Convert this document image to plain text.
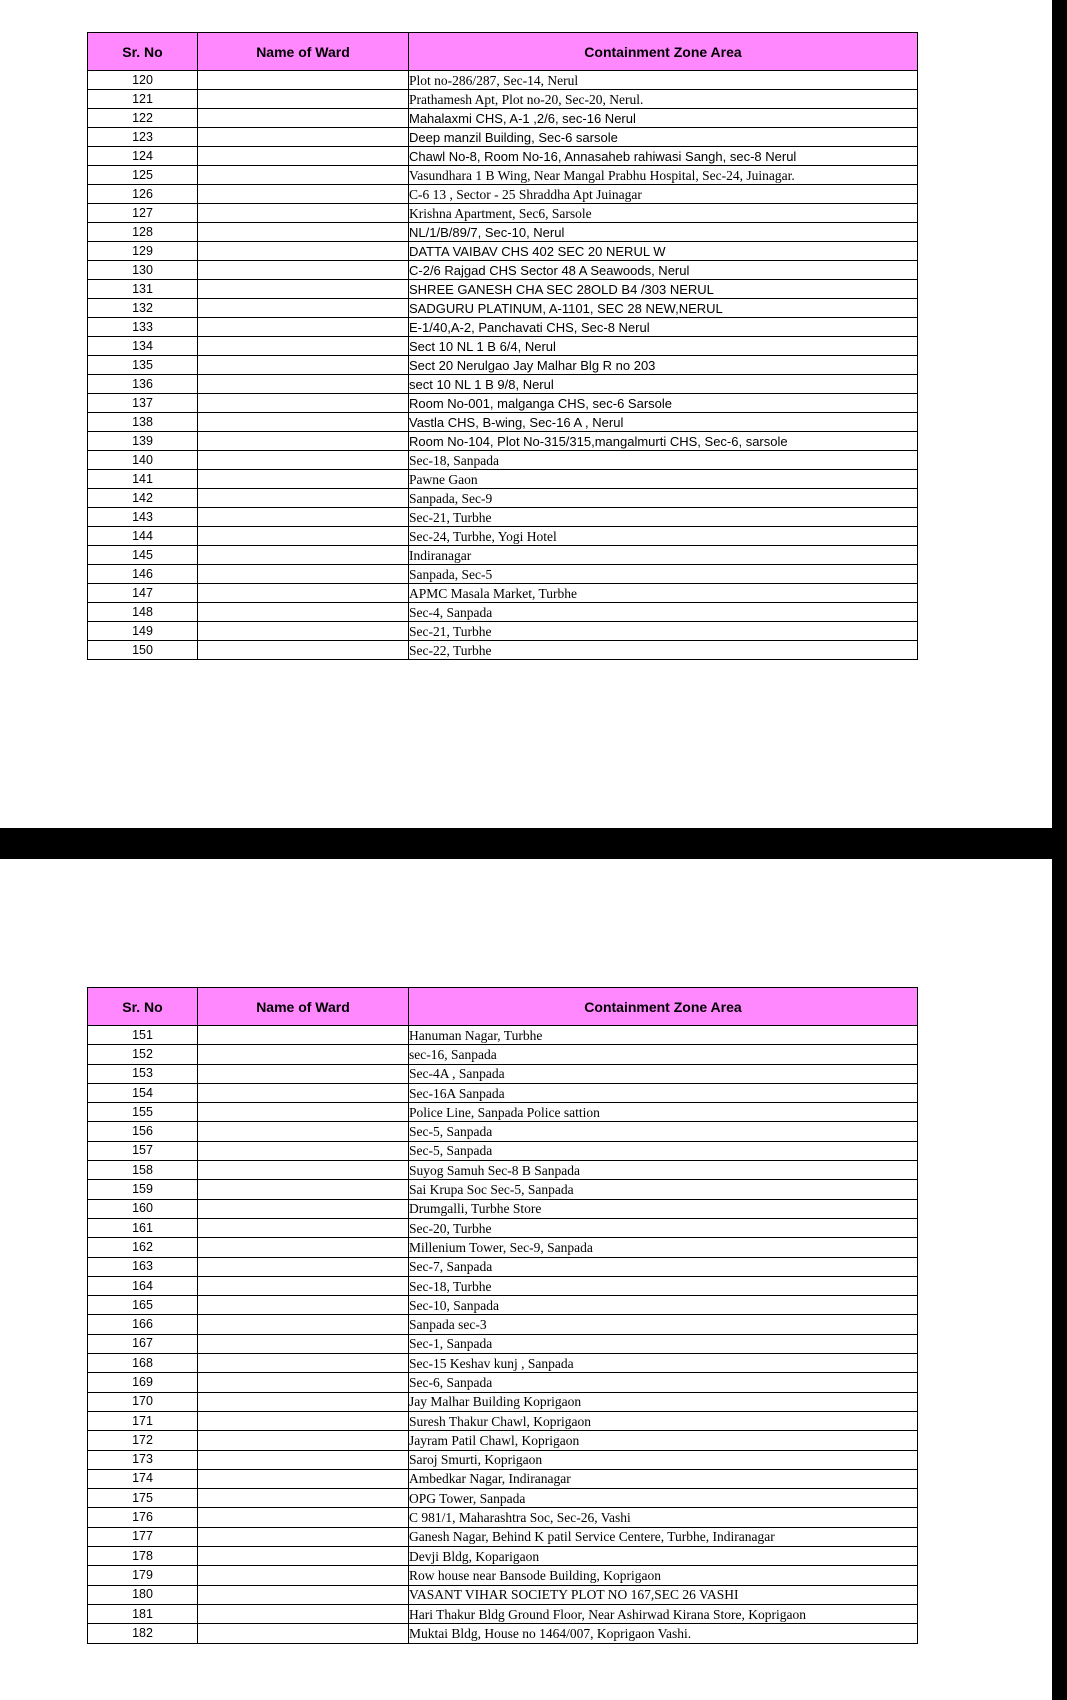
Sr. No	Name of Ward	Containment Zone Area
120		Plot no-286/287, Sec-14, Nerul
121		Prathamesh Apt, Plot no-20, Sec-20, Nerul.
122		Mahalaxmi CHS, A-1 ,2/6, sec-16 Nerul
123		Deep manzil Building, Sec-6 sarsole
124		Chawl No-8, Room No-16, Annasaheb rahiwasi Sangh, sec-8 Nerul
125		Vasundhara 1 B Wing, Near Mangal Prabhu Hospital, Sec-24, Juinagar.
126		C-6 13 , Sector - 25 Shraddha Apt Juinagar
127		Krishna Apartment, Sec6, Sarsole
128		NL/1/B/89/7, Sec-10, Nerul
129		DATTA VAIBAV CHS 402 SEC 20 NERUL W
130		C-2/6 Rajgad CHS Sector 48 A Seawoods, Nerul
131		SHREE GANESH CHA SEC 28OLD B4 /303 NERUL
132		SADGURU PLATINUM, A-1101, SEC 28 NEW,NERUL
133		E-1/40,A-2, Panchavati CHS, Sec-8 Nerul
134		Sect 10 NL 1 B 6/4, Nerul
135		Sect 20 Nerulgao Jay Malhar Blg R no 203
136		sect 10 NL 1 B 9/8, Nerul
137		Room No-001, malganga CHS, sec-6 Sarsole
138		Vastla CHS, B-wing, Sec-16 A , Nerul
139		Room No-104, Plot No-315/315,mangalmurti CHS, Sec-6, sarsole
140		Sec-18, Sanpada
141		Pawne Gaon
142		Sanpada, Sec-9
143		Sec-21, Turbhe
144		Sec-24, Turbhe, Yogi Hotel
145		Indiranagar
146		Sanpada, Sec-5
147		APMC Masala Market, Turbhe
148		Sec-4, Sanpada
149		Sec-21, Turbhe
150		Sec-22, Turbhe
Sr. No	Name of Ward	Containment Zone Area
151		Hanuman Nagar, Turbhe
152		sec-16, Sanpada
153		Sec-4A , Sanpada
154		Sec-16A Sanpada
155		Police Line, Sanpada Police sattion
156		Sec-5, Sanpada
157		Sec-5, Sanpada
158		Suyog Samuh Sec-8 B Sanpada
159		Sai Krupa Soc Sec-5, Sanpada
160		Drumgalli, Turbhe Store
161		Sec-20, Turbhe
162		Millenium Tower, Sec-9, Sanpada
163		Sec-7, Sanpada
164		Sec-18, Turbhe
165		Sec-10, Sanpada
166		Sanpada sec-3
167		Sec-1, Sanpada
168		Sec-15 Keshav kunj , Sanpada
169		Sec-6, Sanpada
170		Jay Malhar Building Koprigaon
171		Suresh Thakur Chawl, Koprigaon
172		Jayram Patil Chawl, Koprigaon
173		Saroj Smurti, Koprigaon
174		Ambedkar Nagar, Indiranagar
175		OPG Tower, Sanpada
176		C 981/1, Maharashtra Soc, Sec-26, Vashi
177		Ganesh Nagar, Behind K patil Service Centere, Turbhe, Indiranagar
178		Devji Bldg, Koparigaon
179		Row house near Bansode Building, Koprigaon
180		VASANT VIHAR SOCIETY PLOT NO 167,SEC 26 VASHI
181		Hari Thakur Bldg Ground Floor, Near Ashirwad Kirana Store, Koprigaon
182		Muktai Bldg, House no 1464/007, Koprigaon Vashi.
